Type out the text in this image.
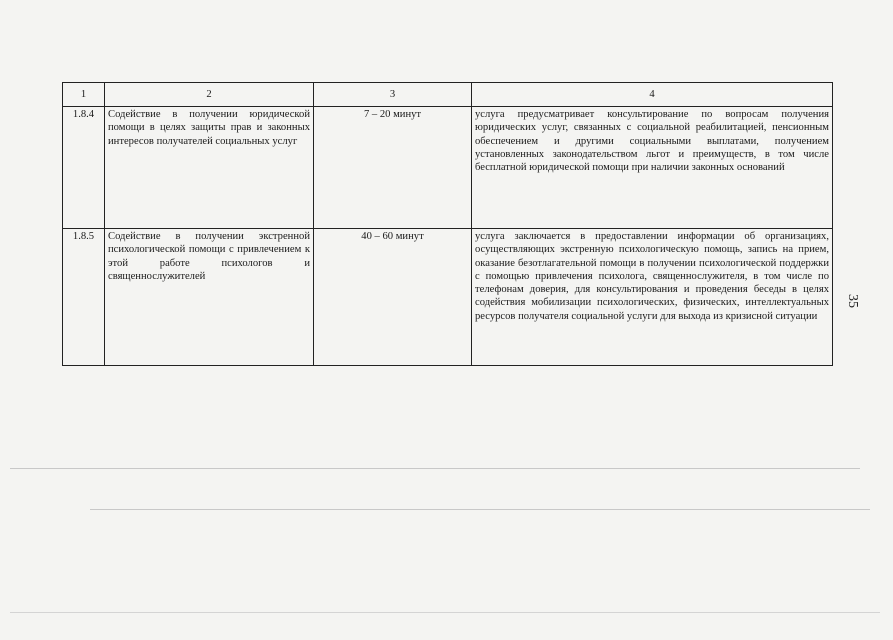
1	2	3	4
1.8.4	Содействие в получении юридической помощи в целях защиты прав и законных интересов получателей социальных услуг	7 – 20 минут	услуга предусматривает консультирование по вопросам получения юридических услуг, связанных с социальной реабилитацией, пенсионным обеспечением и другими социальными выплатами, получением установленных законодательством льгот и преимуществ, в том числе бесплатной юридической помощи при наличии законных оснований
1.8.5	Содействие в получении экстренной психологической помощи с привлечением к этой работе психологов и священнослужителей	40 – 60 минут	услуга заключается в предоставлении информации об организациях, осуществляющих экстренную психологическую помощь, запись на прием, оказание безотлагательной помощи в получении психологической поддержки с помощью привлечения психолога, священнослужителя, в том числе по телефонам доверия, для консультирования и проведения беседы в целях содействия мобилизации психологических, физических, интеллектуальных ресурсов получателя социальной услуги для выхода из кризисной ситуации
35
